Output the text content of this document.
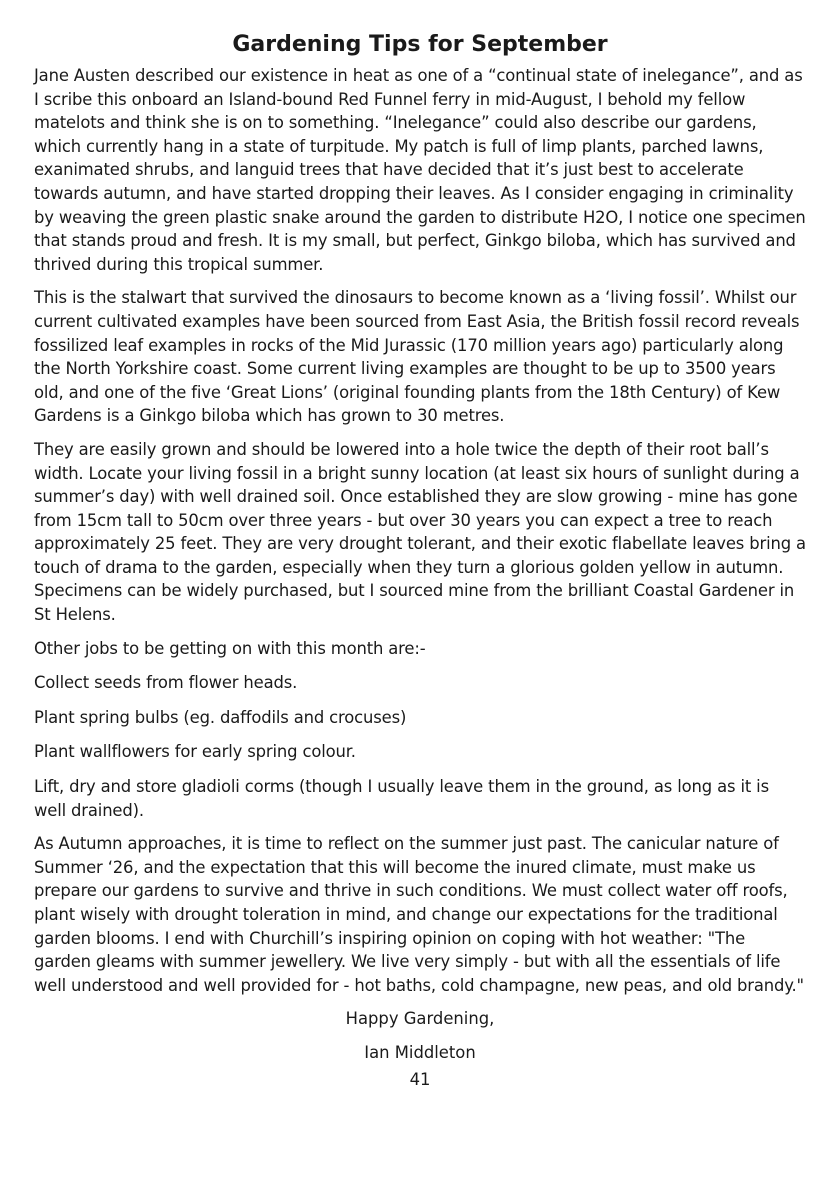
Gardening Tips for September

Jane Austen described our existence in heat as one of a “continual state of inelegance”, and as I scribe this onboard an Island-bound Red Funnel ferry in mid-August, I behold my fellow matelots and think she is on to something. “Inelegance” could also describe our gardens, which currently hang in a state of turpitude. My patch is full of limp plants, parched lawns, exanimated shrubs, and languid trees that have decided that it’s just best to accelerate towards autumn, and have started dropping their leaves. As I consider engaging in criminality by weaving the green plastic snake around the garden to distribute H2O, I notice one specimen that stands proud and fresh. It is my small, but perfect, Ginkgo biloba, which has survived and thrived during this tropical summer.

This is the stalwart that survived the dinosaurs to become known as a ‘living fossil’. Whilst our current cultivated examples have been sourced from East Asia, the British fossil record reveals fossilized leaf examples in rocks of the Mid Jurassic (170 million years ago) particularly along the North Yorkshire coast. Some current living examples are thought to be up to 3500 years old, and one of the five ‘Great Lions’ (original founding plants from the 18th Century) of Kew Gardens is a Ginkgo biloba which has grown to 30 metres.

They are easily grown and should be lowered into a hole twice the depth of their root ball’s width. Locate your living fossil in a bright sunny location (at least six hours of sunlight during a summer’s day) with well drained soil. Once established they are slow growing - mine has gone from 15cm tall to 50cm over three years - but over 30 years you can expect a tree to reach approximately 25 feet. They are very drought tolerant, and their exotic flabellate leaves bring a touch of drama to the garden, especially when they turn a glorious golden yellow in autumn. Specimens can be widely purchased, but I sourced mine from the brilliant Coastal Gardener in St Helens.

Other jobs to be getting on with this month are:-

Collect seeds from flower heads.

Plant spring bulbs (eg. daffodils and crocuses)

Plant wallflowers for early spring colour.

Lift, dry and store gladioli corms (though I usually leave them in the ground, as long as it is well drained).

As Autumn approaches, it is time to reflect on the summer just past. The canicular nature of Summer ‘26, and the expectation that this will become the inured climate, must make us prepare our gardens to survive and thrive in such conditions. We must collect water off roofs, plant wisely with drought toleration in mind, and change our expectations for the traditional garden blooms. I end with Churchill’s inspiring opinion on coping with hot weather: "The garden gleams with summer jewellery. We live very simply - but with all the essentials of life well understood and well provided for - hot baths, cold champagne, new peas, and old brandy."

Happy Gardening,

Ian Middleton

41
